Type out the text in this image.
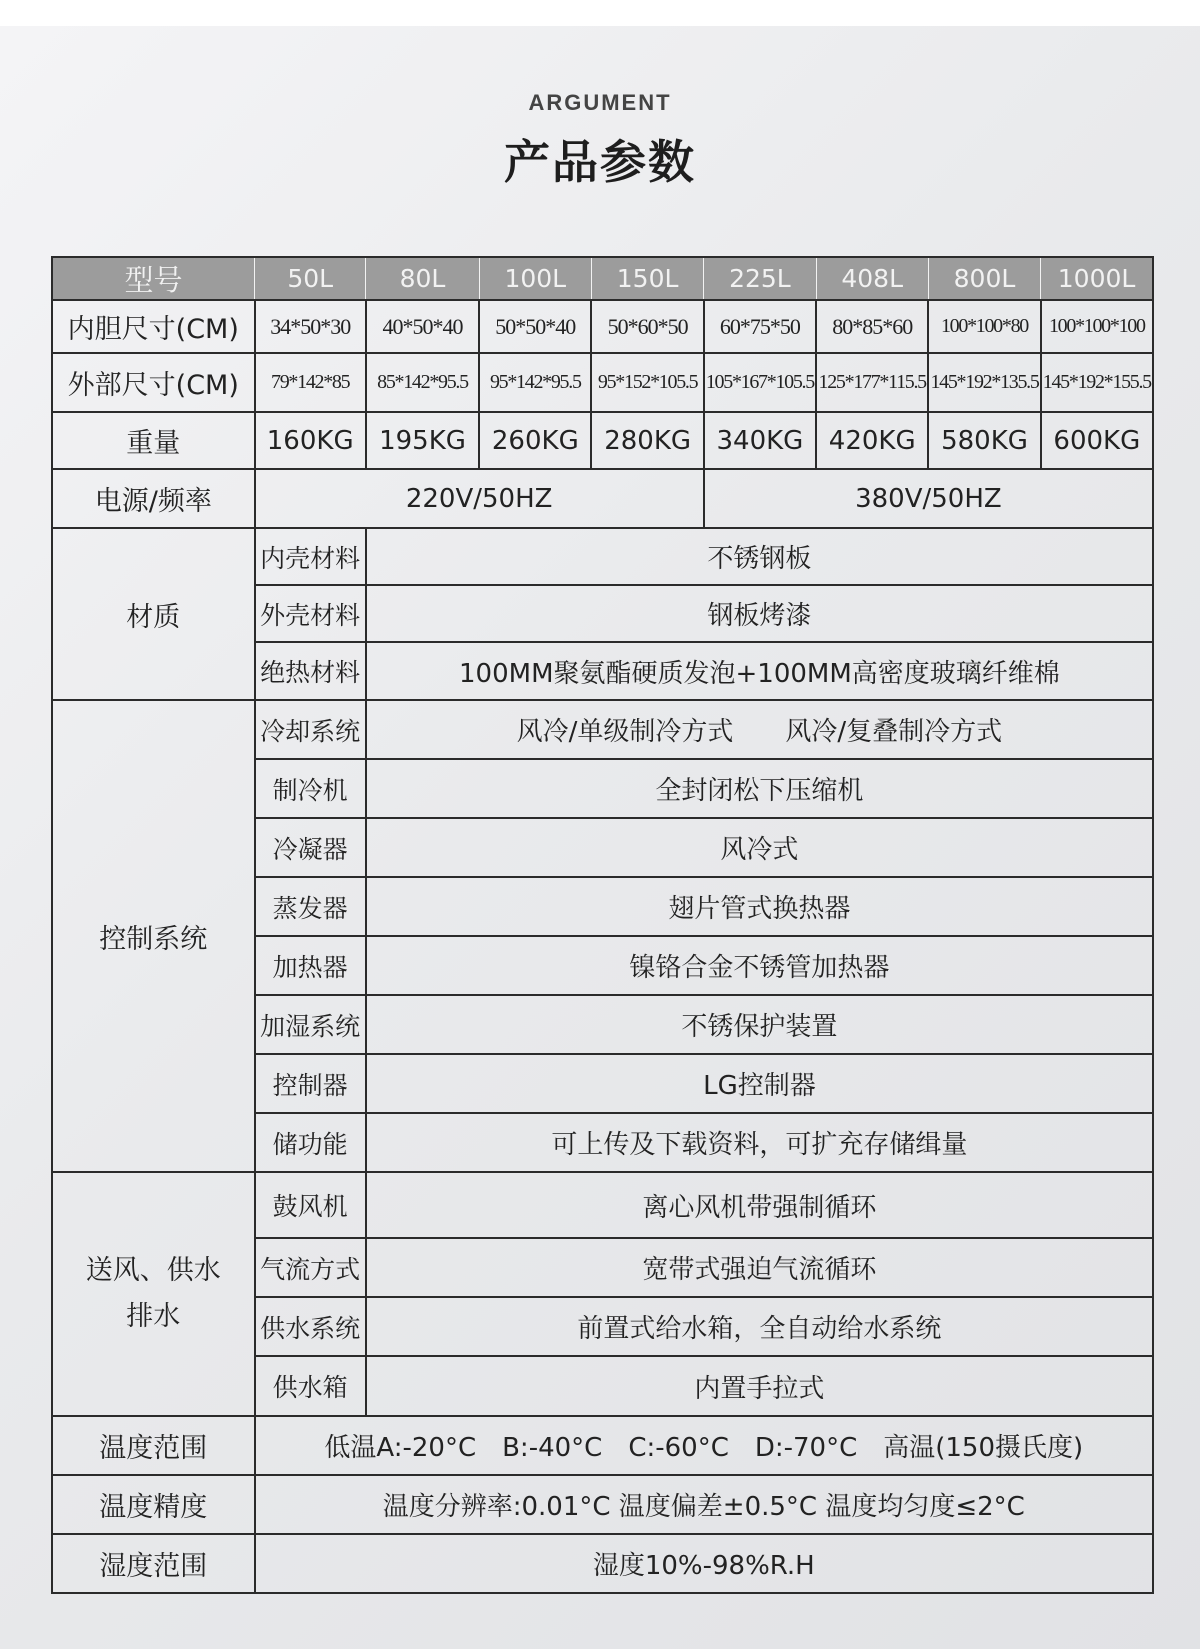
ARGUMENT
产品参数
型号	50L	80L	100L	150L	225L	408L	800L	1000L
内胆尺寸(CM)	34*50*30	40*50*40	50*50*40	50*60*50	60*75*50	80*85*60	100*100*80	100*100*100
外部尺寸(CM)	79*142*85	85*142*95.5	95*142*95.5	95*152*105.5	105*167*105.5	125*177*115.5	145*192*135.5	145*192*155.5
重量	160KG	195KG	260KG	280KG	340KG	420KG	580KG	600KG
电源/频率	220V/50HZ				380V/50HZ			
材质	内壳材料	不锈钢板						
	外壳材料	钢板烤漆						
	绝热材料	100MM聚氨酯硬质发泡+100MM高密度玻璃纤维棉						
控制系统	冷却系统	风冷/单级制冷方式　　风冷/复叠制冷方式						
	制冷机	全封闭松下压缩机						
	冷凝器	风冷式						
	蒸发器	翅片管式换热器						
	加热器	镍铬合金不锈管加热器						
	加湿系统	不锈保护装置						
	控制器	LG控制器						
	储功能	可上传及下载资料，可扩充存储缉量						

送风、供水
排水	鼓风机	离心风机带强制循环						
	气流方式	宽带式强迫气流循环						
	供水系统	前置式给水箱，全自动给水系统						
	供水箱	内置手拉式						
温度范围	低温A:-20°C　B:-40°C　C:-60°C　D:-70°C　高温(150摄氏度)							
温度精度	温度分辨率:0.01°C 温度偏差±0.5°C 温度均匀度≤2°C							
湿度范围	湿度10%-98%R.H							
